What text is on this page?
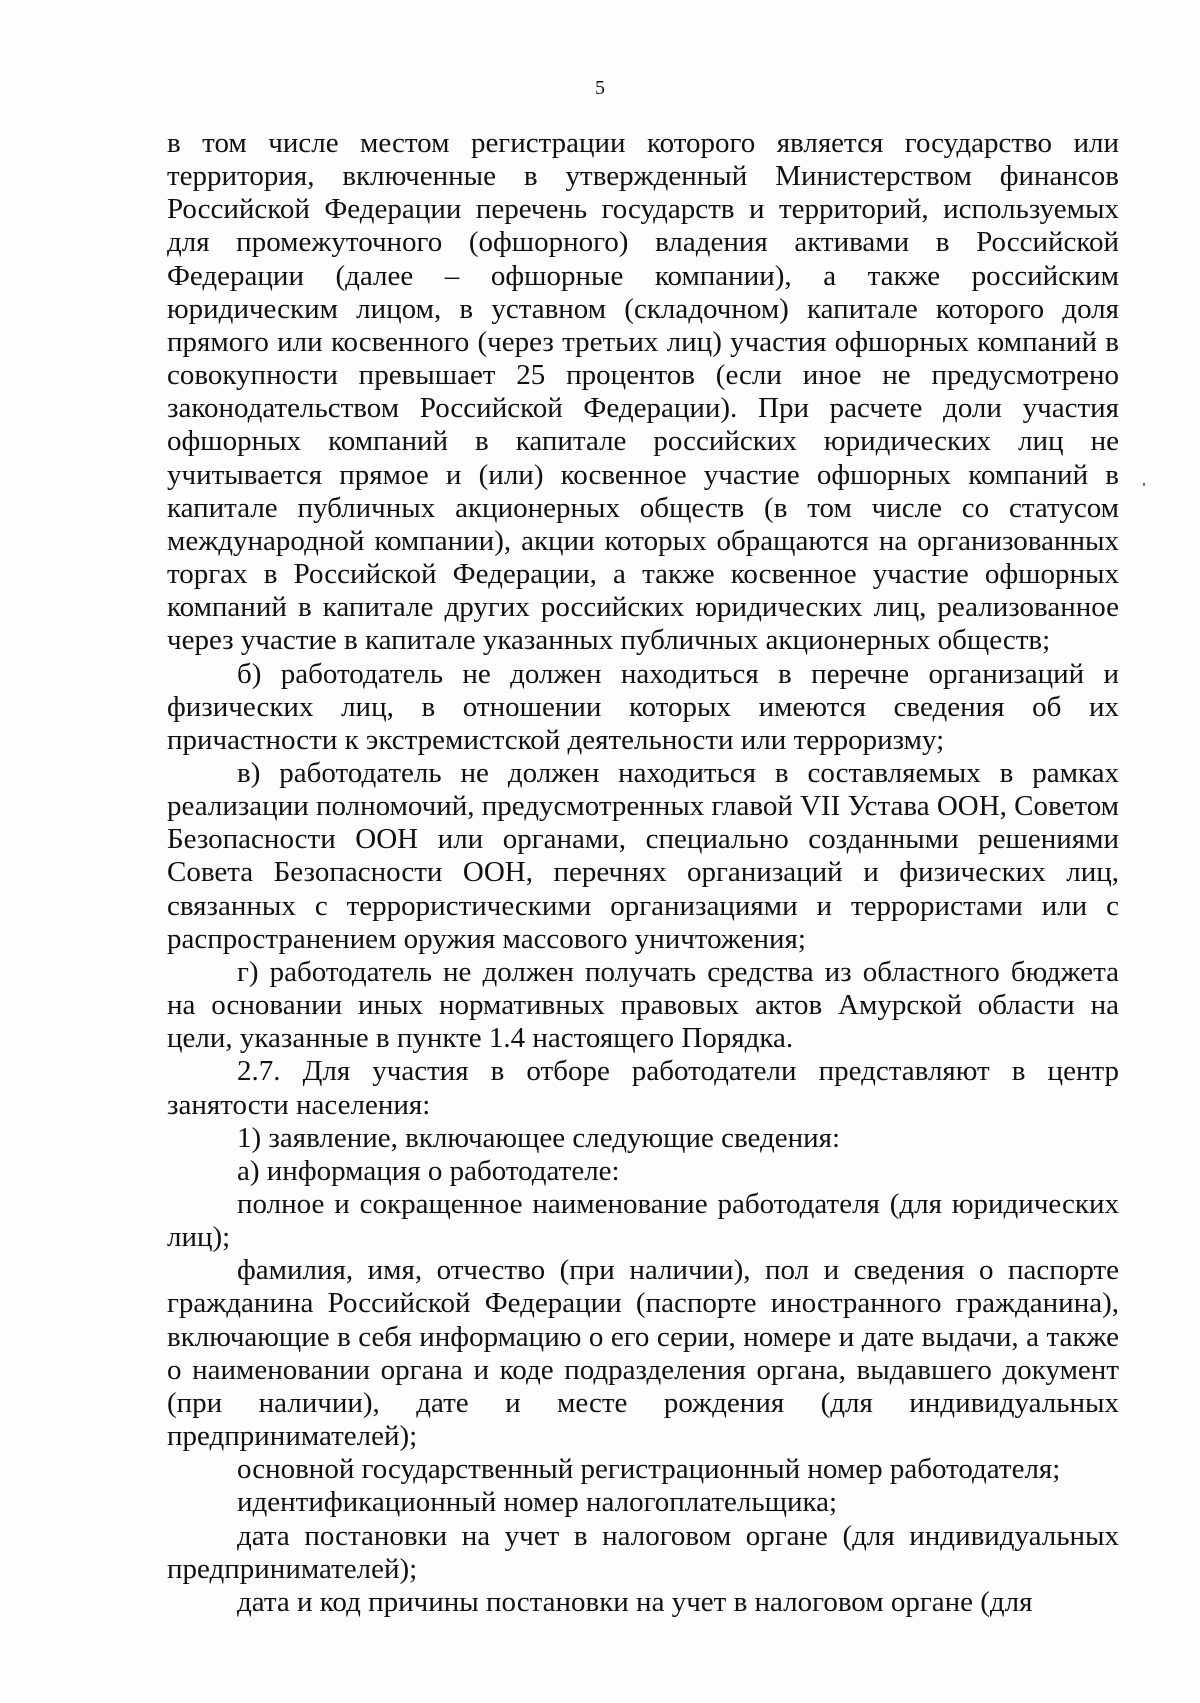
5

в том числе местом регистрации которого является государство или территория, включенные в утвержденный Министерством финансов Российской Федерации перечень государств и территорий, используемых для промежуточного (офшорного) владения активами в Российской Федерации (далее – офшорные компании), а также российским юридическим лицом, в уставном (складочном) капитале которого доля прямого или косвенного (через третьих лиц) участия офшорных компаний в совокупности превышает 25 процентов (если иное не предусмотрено законодательством Российской Федерации). При расчете доли участия офшорных компаний в капитале российских юридических лиц не учитывается прямое и (или) косвенное участие офшорных компаний в капитале публичных акционерных обществ (в том числе со статусом международной компании), акции которых обращаются на организованных торгах в Российской Федерации, а также косвенное участие офшорных компаний в капитале других российских юридических лиц, реализованное через участие в капитале указанных публичных акционерных обществ;

б) работодатель не должен находиться в перечне организаций и физических лиц, в отношении которых имеются сведения об их причастности к экстремистской деятельности или терроризму;

в) работодатель не должен находиться в составляемых в рамках реализации полномочий, предусмотренных главой VII Устава ООН, Советом Безопасности ООН или органами, специально созданными решениями Совета Безопасности ООН, перечнях организаций и физических лиц, связанных с террористическими организациями и террористами или с распространением оружия массового уничтожения;

г) работодатель не должен получать средства из областного бюджета на основании иных нормативных правовых актов Амурской области на цели, указанные в пункте 1.4 настоящего Порядка.

2.7. Для участия в отборе работодатели представляют в центр занятости населения:

1) заявление, включающее следующие сведения:

а) информация о работодателе:

полное и сокращенное наименование работодателя (для юридических лиц);

фамилия, имя, отчество (при наличии), пол и сведения о паспорте гражданина Российской Федерации (паспорте иностранного гражданина), включающие в себя информацию о его серии, номере и дате выдачи, а также о наименовании органа и коде подразделения органа, выдавшего документ (при наличии), дате и месте рождения (для индивидуальных предпринимателей);

основной государственный регистрационный номер работодателя;

идентификационный номер налогоплательщика;

дата постановки на учет в налоговом органе (для индивидуальных предпринимателей);

дата и код причины постановки на учет в налоговом органе (для
